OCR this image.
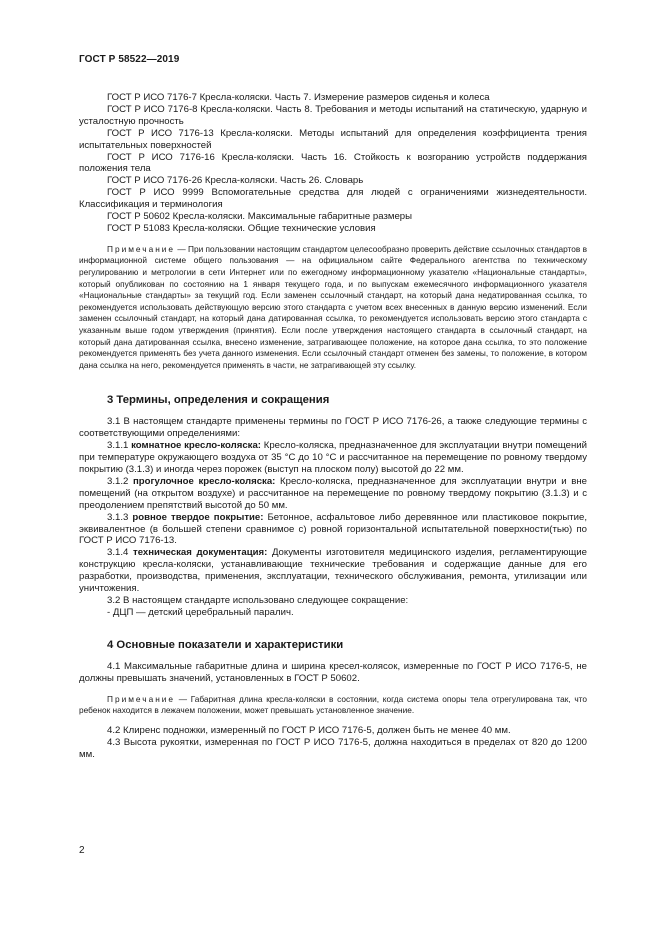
ГОСТ Р 58522—2019

ГОСТ Р ИСО 7176-7 Кресла-коляски. Часть 7. Измерение размеров сиденья и колеса

ГОСТ Р ИСО 7176-8 Кресла-коляски. Часть 8. Требования и методы испытаний на статическую, ударную и усталостную прочность

ГОСТ Р ИСО 7176-13 Кресла-коляски. Методы испытаний для определения коэффициента трения испытательных поверхностей

ГОСТ Р ИСО 7176-16 Кресла-коляски. Часть 16. Стойкость к возгоранию устройств поддержания положения тела

ГОСТ Р ИСО 7176-26 Кресла-коляски. Часть 26. Словарь

ГОСТ Р ИСО 9999 Вспомогательные средства для людей с ограничениями жизнедеятельности. Классификация и терминология

ГОСТ Р 50602 Кресла-коляски. Максимальные габаритные размеры

ГОСТ Р 51083 Кресла-коляски. Общие технические условия

Примечание — При пользовании настоящим стандартом целесообразно проверить действие ссылочных стандартов в информационной системе общего пользования — на официальном сайте Федерального агентства по техническому регулированию и метрологии в сети Интернет или по ежегодному информационному указателю «Национальные стандарты», который опубликован по состоянию на 1 января текущего года, и по выпускам ежемесячного информационного указателя «Национальные стандарты» за текущий год. Если заменен ссылочный стандарт, на который дана недатированная ссылка, то рекомендуется использовать действующую версию этого стандарта с учетом всех внесенных в данную версию изменений. Если заменен ссылочный стандарт, на который дана датированная ссылка, то рекомендуется использовать версию этого стандарта с указанным выше годом утверждения (принятия). Если после утверждения настоящего стандарта в ссылочный стандарт, на который дана датированная ссылка, внесено изменение, затрагивающее положение, на которое дана ссылка, то это положение рекомендуется применять без учета данного изменения. Если ссылочный стандарт отменен без замены, то положение, в котором дана ссылка на него, рекомендуется применять в части, не затрагивающей эту ссылку.

3 Термины, определения и сокращения

3.1 В настоящем стандарте применены термины по ГОСТ Р ИСО 7176-26, а также следующие термины с соответствующими определениями:

3.1.1 комнатное кресло-коляска: Кресло-коляска, предназначенное для эксплуатации внутри помещений при температуре окружающего воздуха от 35 °С до 10 °С и рассчитанное на перемещение по ровному твердому покрытию (3.1.3) и иногда через порожек (выступ на плоском полу) высотой до 22 мм.

3.1.2 прогулочное кресло-коляска: Кресло-коляска, предназначенное для эксплуатации внутри и вне помещений (на открытом воздухе) и рассчитанное на перемещение по ровному твердому покрытию (3.1.3) и с преодолением препятствий высотой до 50 мм.

3.1.3 ровное твердое покрытие: Бетонное, асфальтовое либо деревянное или пластиковое покрытие, эквивалентное (в большей степени сравнимое с) ровной горизонтальной испытательной поверхности(тью) по ГОСТ Р ИСО 7176-13.

3.1.4 техническая документация: Документы изготовителя медицинского изделия, регламентирующие конструкцию кресла-коляски, устанавливающие технические требования и содержащие данные для его разработки, производства, применения, эксплуатации, технического обслуживания, ремонта, утилизации или уничтожения.

3.2 В настоящем стандарте использовано следующее сокращение:

- ДЦП — детский церебральный паралич.

4 Основные показатели и характеристики

4.1 Максимальные габаритные длина и ширина кресел-колясок, измеренные по ГОСТ Р ИСО 7176-5, не должны превышать значений, установленных в ГОСТ Р 50602.

Примечание — Габаритная длина кресла-коляски в состоянии, когда система опоры тела отрегулирована так, что ребенок находится в лежачем положении, может превышать установленное значение.

4.2 Клиренс подножки, измеренный по ГОСТ Р ИСО 7176-5, должен быть не менее 40 мм.

4.3 Высота рукоятки, измеренная по ГОСТ Р ИСО 7176-5, должна находиться в пределах от 820 до 1200 мм.

2
